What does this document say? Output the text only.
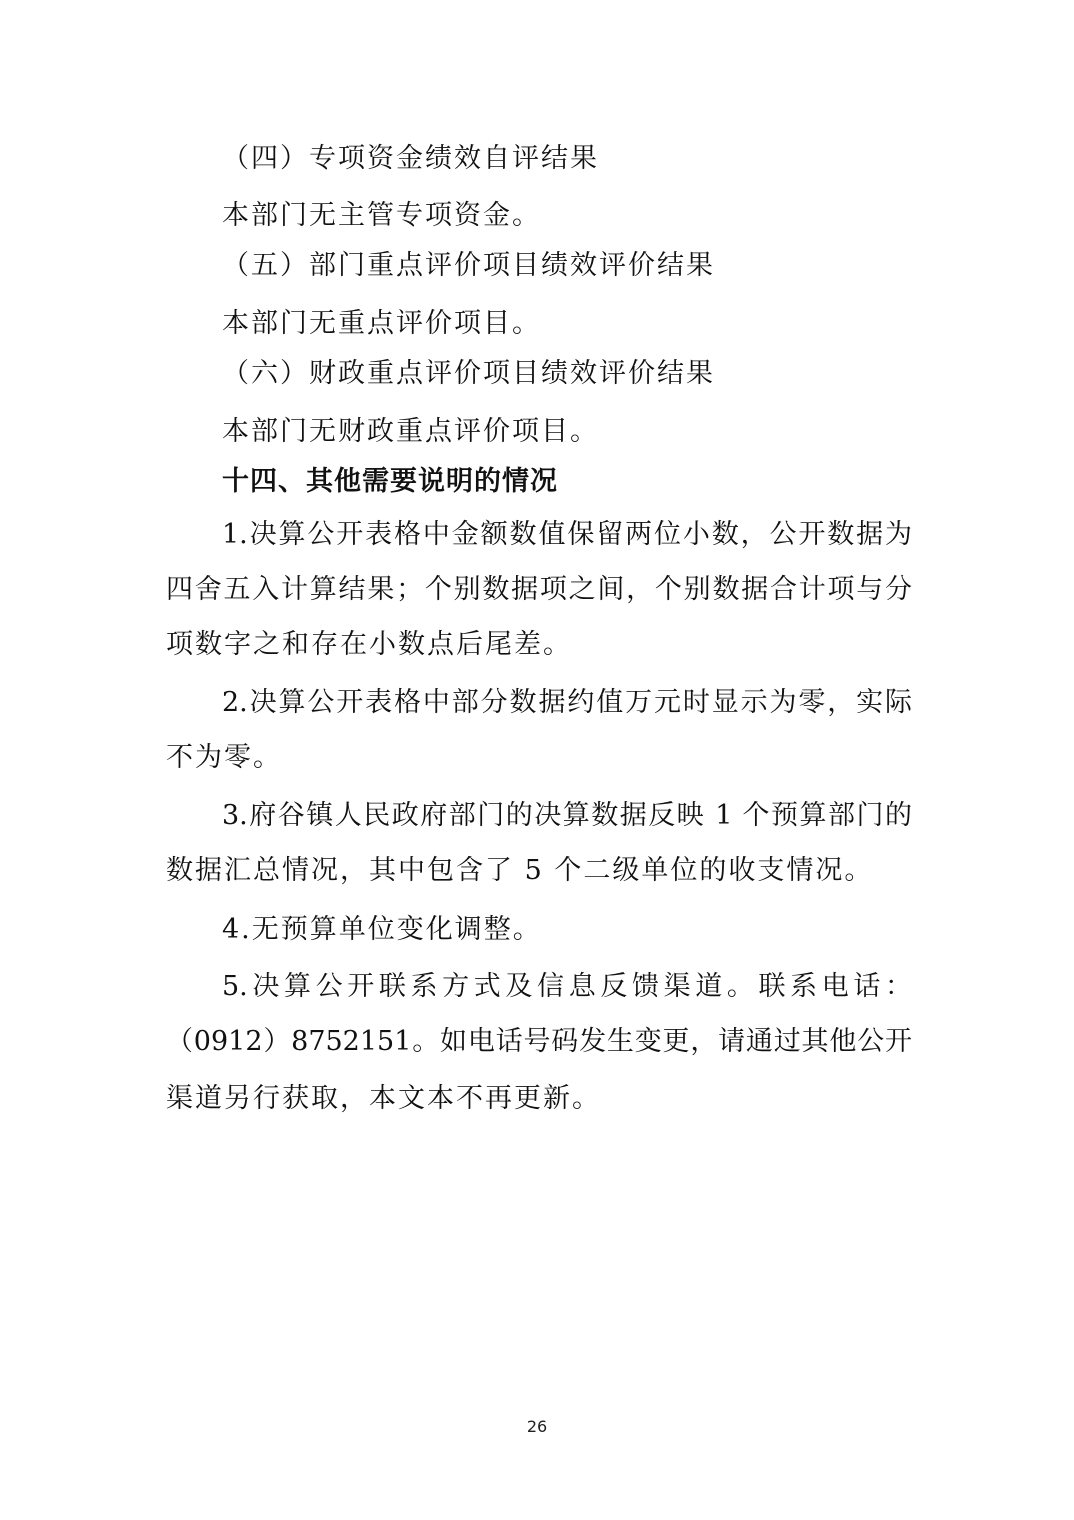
（四）专项资金绩效自评结果
本部门无主管专项资金。
（五）部门重点评价项目绩效评价结果
本部门无重点评价项目。
（六）财政重点评价项目绩效评价结果
本部门无财政重点评价项目。
十四、其他需要说明的情况
1.决算公开表格中金额数值保留两位小数，公开数据为
四舍五入计算结果；个别数据项之间，个别数据合计项与分
项数字之和存在小数点后尾差。
2.决算公开表格中部分数据约值万元时显示为零，实际
不为零。
3.府谷镇人民政府部门的决算数据反映 1 个预算部门的
数据汇总情况，其中包含了 5 个二级单位的收支情况。
4.无预算单位变化调整。
5.决算公开联系方式及信息反馈渠道。联系电话：
（0912）8752151。如电话号码发生变更，请通过其他公开
渠道另行获取，本文本不再更新。
26
